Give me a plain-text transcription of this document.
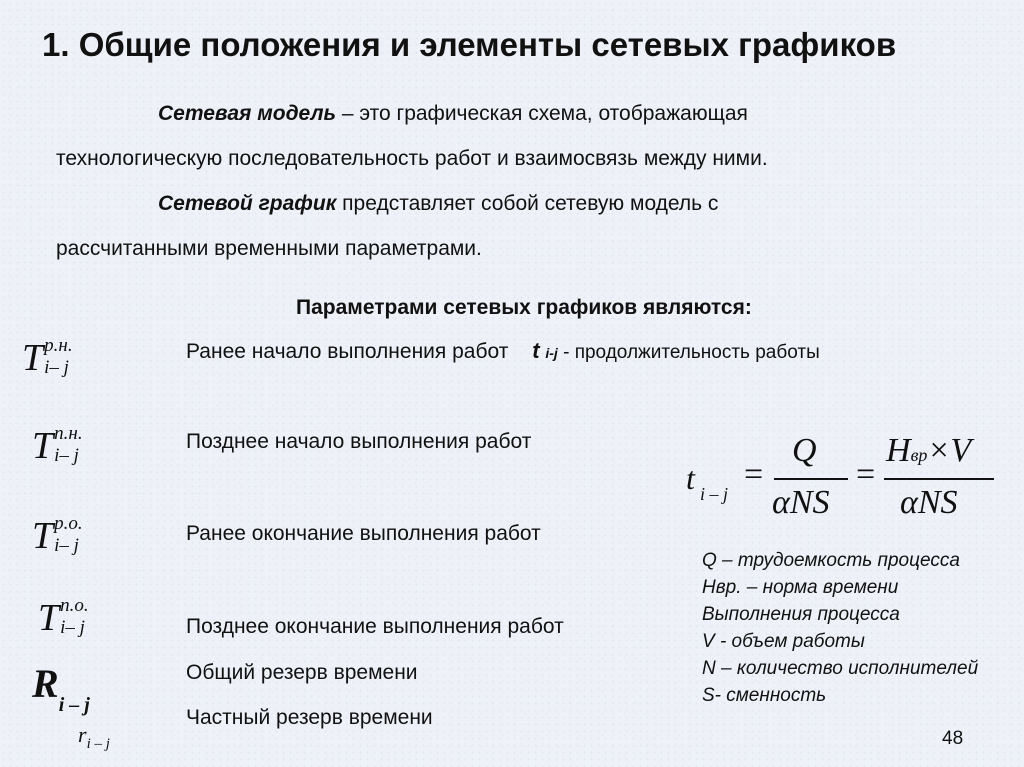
1. Общие положения и элементы сетевых графиков
Сетевая модель – это графическая схема, отображающая
технологическую последовательность работ и взаимосвязь между ними.
Сетевой график представляет собой сетевую модель с
рассчитанными временными параметрами.
Параметрами сетевых графиков являются:
T р.н.
i– j
T п.н.
i– j
T р.о.
i– j
T п.о.
i– j
Ri – j
ri – j
Ранее начало выполнения работ t i-j - продолжительность работы
Позднее начало выполнения работ
Ранее окончание выполнения работ
Позднее окончание выполнения работ
Общий резерв времени
Частный резерв времени
t i – j
=
Q
αNS
=
Hвр×V
αNS
Q – трудоемкость процесса
Нвр. – норма времени
Выполнения процесса
V - объем работы
N – количество исполнителей
S- сменность
48
